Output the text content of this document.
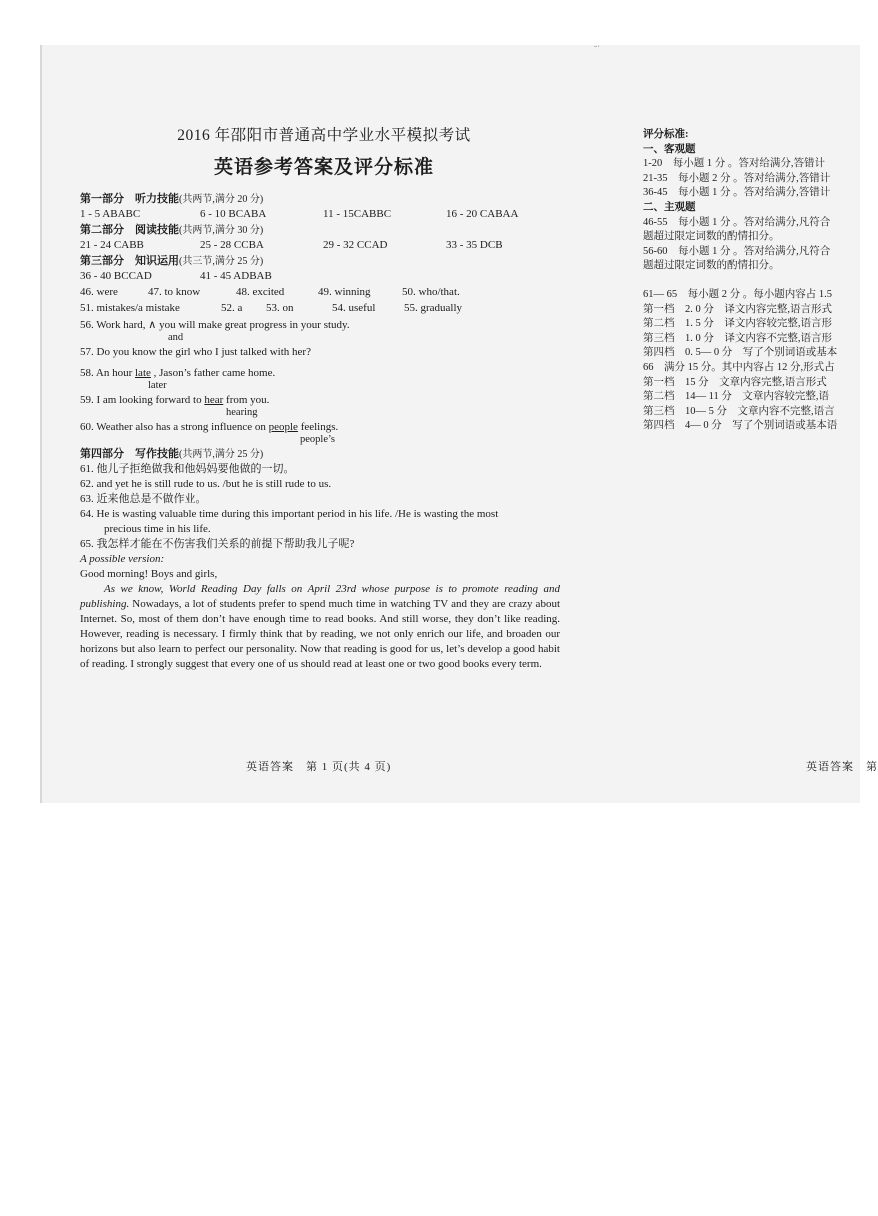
ˉˈ
2016 年邵阳市普通高中学业水平模拟考试
英语参考答案及评分标准
第一部分　听力技能(共两节,满分 20 分)
1 - 5 ABABC	6 - 10 BCABA	11 - 15CABBC	16 - 20 CABAA
第二部分　阅读技能(共两节,满分 30 分)
21 - 24 CABB	25 - 28 CCBA	29 - 32 CCAD	33 - 35 DCB
第三部分　知识运用(共三节,满分 25 分)
36 - 40 BCCAD	41 - 45 ADBAB
46. were	47. to know	48. excited	49. winning	50. who/that.
51. mistakes/a mistake	52. a 53. on	54. useful	55. gradually
56. Work hard, ∧ you will make great progress in your study.
and
57. Do you know the girl who I just talked with her?
58. An hour late , Jason’s father came home.
later
59. I am looking forward to hear from you.
hearing
60. Weather also has a strong influence on people feelings.
people’s
第四部分　写作技能(共两节,满分 25 分)
61. 他儿子拒绝做我和他妈妈要他做的一切。
62. and yet he is still rude to us. /but he is still rude to us.
63. 近来他总是不做作业。
64. He is wasting valuable time during this important period in his life. /He is wasting the most
precious time in his life.
65. 我怎样才能在不伤害我们关系的前提下帮助我儿子呢?
A possible version:
Good morning! Boys and girls,
As we know, World Reading Day falls on April 23rd whose purpose is to promote reading and publishing. Nowadays, a lot of students prefer to spend much time in watching TV and they are crazy about Internet. So, most of them don’t have enough time to read books. And still worse, they don’t like reading. However, reading is necessary. I firmly think that by reading, we not only enrich our life, and broaden our horizons but also learn to perfect our personality. Now that reading is good for us, let’s develop a good habit of reading. I strongly suggest that every one of us should read at least one or two good books every term.
英语答案　第 1 页(共 4 页)
评分标准:
一、客观题
1-20　每小题 1 分 。答对给满分,答错计
21-35　每小题 2 分 。答对给满分,答错计
36-45　每小题 1 分 。答对给满分,答错计
二、主观题
46-55　每小题 1 分 。答对给满分,凡符合
题超过限定词数的酌情扣分。
56-60　每小题 1 分 。答对给满分,凡符合
题超过限定词数的酌情扣分。
61— 65　每小题 2 分 。每小题内容占 1.5
第一档　2. 0 分　译文内容完整,语言形式
第二档　1. 5 分　译文内容较完整,语言形
第三档　1. 0 分　译文内容不完整,语言形
第四档　0. 5— 0 分　写了个别词语或基本
66　满分 15 分。其中内容占 12 分,形式占
第一档　15 分　文章内容完整,语言形式
第二档　14— 11 分　文章内容较完整,语
第三档　10— 5 分　文章内容不完整,语言
第四档　4— 0 分　写了个别词语或基本语
英语答案　第
